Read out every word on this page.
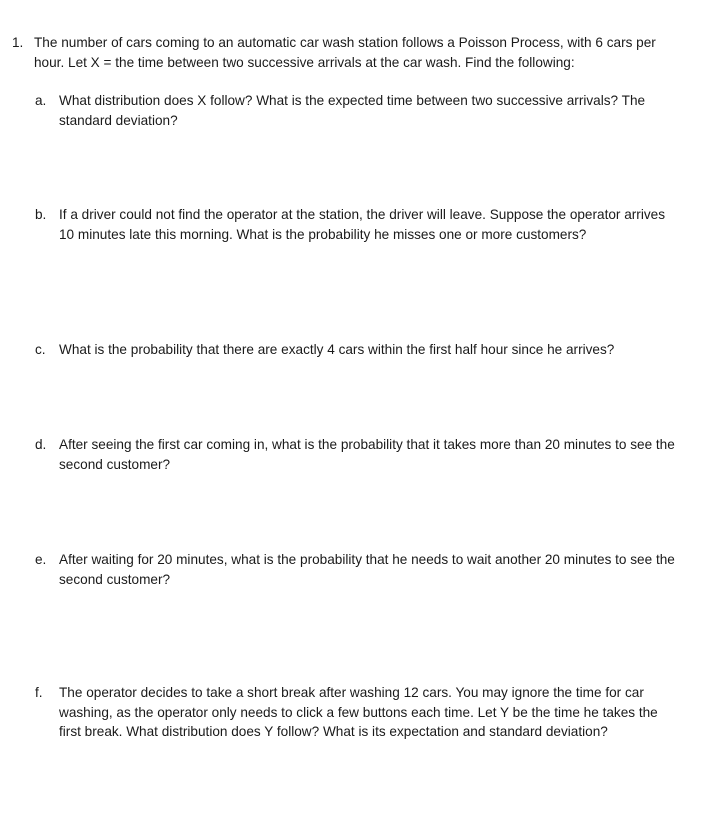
1. The number of cars coming to an automatic car wash station follows a Poisson Process, with 6 cars per hour. Let X = the time between two successive arrivals at the car wash. Find the following:
a. What distribution does X follow? What is the expected time between two successive arrivals? The standard deviation?
b. If a driver could not find the operator at the station, the driver will leave. Suppose the operator arrives 10 minutes late this morning. What is the probability he misses one or more customers?
c. What is the probability that there are exactly 4 cars within the first half hour since he arrives?
d. After seeing the first car coming in, what is the probability that it takes more than 20 minutes to see the second customer?
e. After waiting for 20 minutes, what is the probability that he needs to wait another 20 minutes to see the second customer?
f. The operator decides to take a short break after washing 12 cars. You may ignore the time for car washing, as the operator only needs to click a few buttons each time. Let Y be the time he takes the first break. What distribution does Y follow? What is its expectation and standard deviation?
